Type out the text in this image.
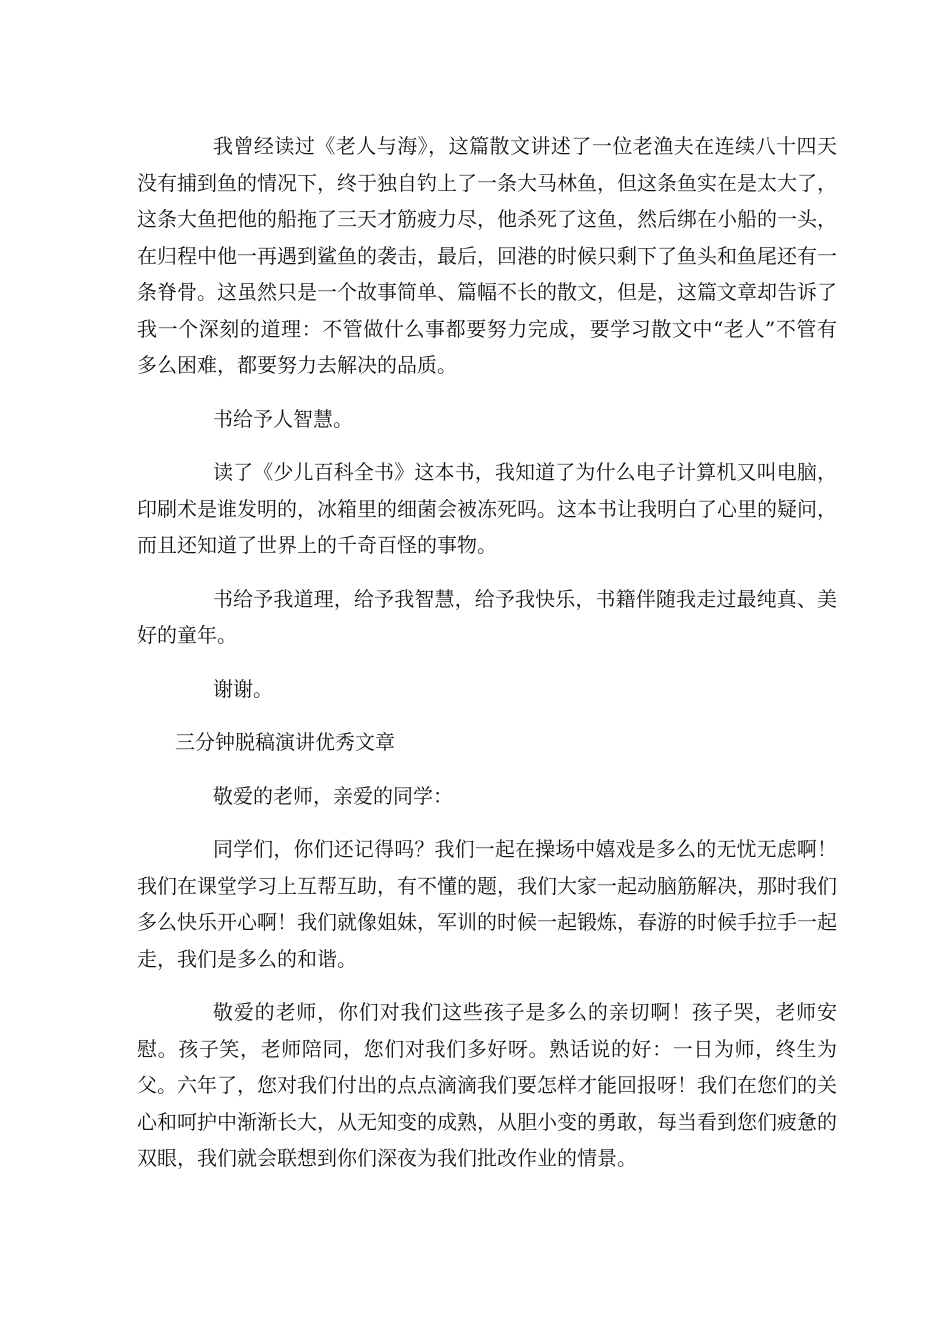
我曾经读过《老人与海》，这篇散文讲述了一位老渔夫在连续八十四天没有捕到鱼的情况下，终于独自钓上了一条大马林鱼，但这条鱼实在是太大了，这条大鱼把他的船拖了三天才筋疲力尽，他杀死了这鱼，然后绑在小船的一头，在归程中他一再遇到鲨鱼的袭击，最后，回港的时候只剩下了鱼头和鱼尾还有一条脊骨。这虽然只是一个故事简单、篇幅不长的散文，但是，这篇文章却告诉了我一个深刻的道理：不管做什么事都要努力完成，要学习散文中“老人”不管有多么困难，都要努力去解决的品质。

书给予人智慧。

读了《少儿百科全书》这本书，我知道了为什么电子计算机又叫电脑，印刷术是谁发明的，冰箱里的细菌会被冻死吗。这本书让我明白了心里的疑问，而且还知道了世界上的千奇百怪的事物。

书给予我道理，给予我智慧，给予我快乐，书籍伴随我走过最纯真、美好的童年。

谢谢。

三分钟脱稿演讲优秀文章

敬爱的老师，亲爱的同学：

同学们，你们还记得吗？我们一起在操场中嬉戏是多么的无忧无虑啊！我们在课堂学习上互帮互助，有不懂的题，我们大家一起动脑筋解决，那时我们多么快乐开心啊！我们就像姐妹，军训的时候一起锻炼，春游的时候手拉手一起走，我们是多么的和谐。

敬爱的老师，你们对我们这些孩子是多么的亲切啊！孩子哭，老师安慰。孩子笑，老师陪同，您们对我们多好呀。熟话说的好：一日为师，终生为父。六年了，您对我们付出的点点滴滴我们要怎样才能回报呀！我们在您们的关心和呵护中渐渐长大，从无知变的成熟，从胆小变的勇敢，每当看到您们疲惫的双眼，我们就会联想到你们深夜为我们批改作业的情景。
